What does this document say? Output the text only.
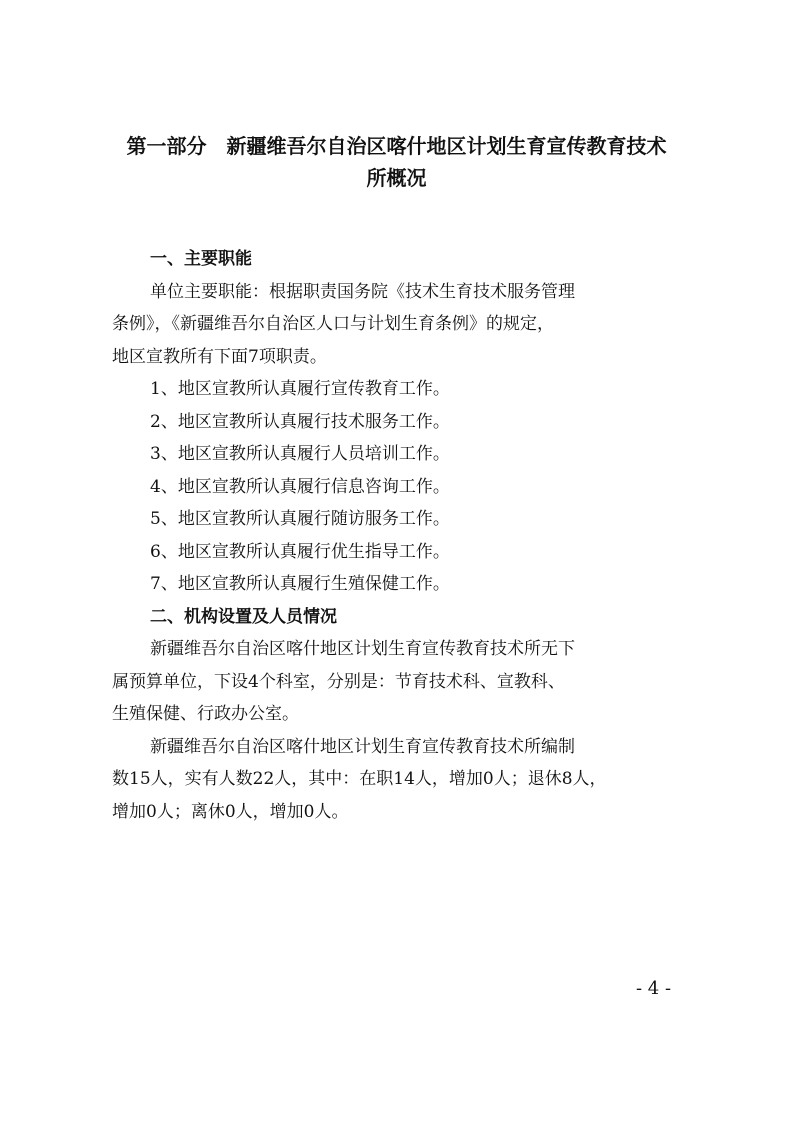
第一部分　新疆维吾尔自治区喀什地区计划生育宣传教育技术
所概况
一、主要职能
单位主要职能：根据职责国务院《技术生育技术服务管理
条例》，《新疆维吾尔自治区人口与计划生育条例》的规定，
地区宣教所有下面7项职责。
1、地区宣教所认真履行宣传教育工作。
2、地区宣教所认真履行技术服务工作。
3、地区宣教所认真履行人员培训工作。
4、地区宣教所认真履行信息咨询工作。
5、地区宣教所认真履行随访服务工作。
6、地区宣教所认真履行优生指导工作。
7、地区宣教所认真履行生殖保健工作。
二、机构设置及人员情况
新疆维吾尔自治区喀什地区计划生育宣传教育技术所无下
属预算单位，下设4个科室，分别是：节育技术科、宣教科、
生殖保健、行政办公室。
新疆维吾尔自治区喀什地区计划生育宣传教育技术所编制
数15人，实有人数22人，其中：在职14人，增加0人；退休8人，
增加0人；离休0人，增加0人。
- 4 -
